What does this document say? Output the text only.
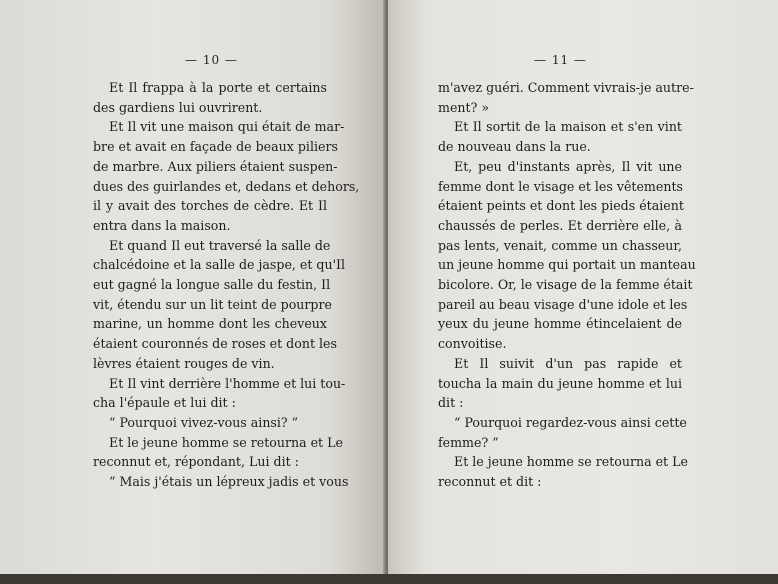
— 10 —
Et Il frappa à la porte et certains
des gardiens lui ouvrirent.
Et Il vit une maison qui était de mar-
bre et avait en façade de beaux piliers
de marbre. Aux piliers étaient suspen-
dues des guirlandes et, dedans et dehors,
il y avait des torches de cèdre. Et Il
entra dans la maison.
Et quand Il eut traversé la salle de
chalcédoine et la salle de jaspe, et qu'Il
eut gagné la longue salle du festin, Il
vit, étendu sur un lit teint de pourpre
marine, un homme dont les cheveux
étaient couronnés de roses et dont les
lèvres étaient rouges de vin.
Et Il vint derrière l'homme et lui tou-
cha l'épaule et lui dit :
“ Pourquoi vivez-vous ainsi? ”
Et le jeune homme se retourna et Le
reconnut et, répondant, Lui dit :
“ Mais j'étais un lépreux jadis et vous
— 11 —
m'avez guéri. Comment vivrais-je autre-
ment? »
Et Il sortit de la maison et s'en vint
de nouveau dans la rue.
Et, peu d'instants après, Il vit une
femme dont le visage et les vêtements
étaient peints et dont les pieds étaient
chaussés de perles. Et derrière elle, à
pas lents, venait, comme un chasseur,
un jeune homme qui portait un manteau
bicolore. Or, le visage de la femme était
pareil au beau visage d'une idole et les
yeux du jeune homme étincelaient de
convoitise.
Et Il suivit d'un pas rapide et
toucha la main du jeune homme et lui
dit :
“ Pourquoi regardez-vous ainsi cette
femme? ”
Et le jeune homme se retourna et Le
reconnut et dit :
